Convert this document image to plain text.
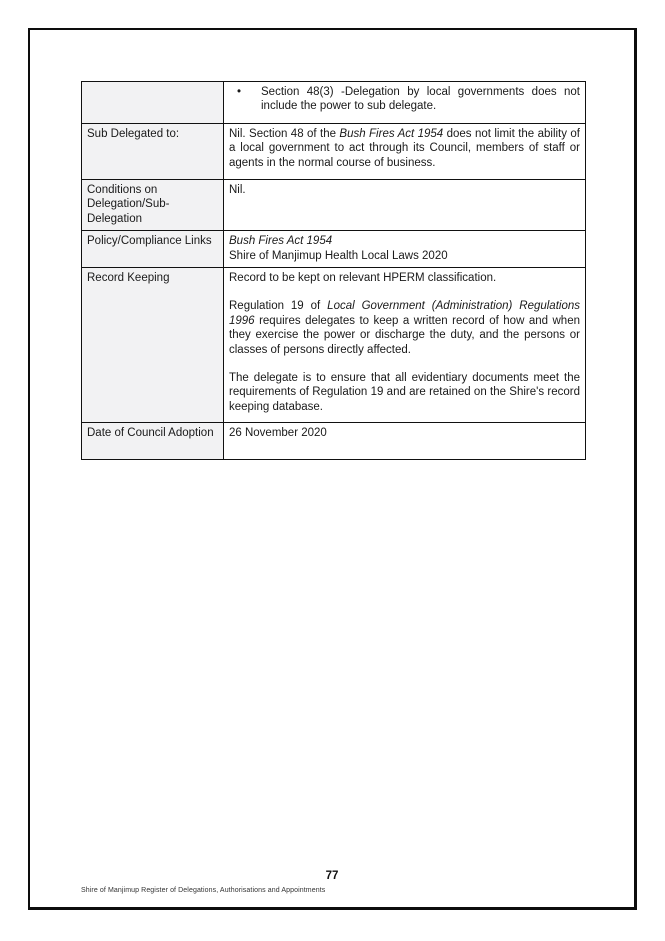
	• Section 48(3) -Delegation by local governments does not include the power to sub delegate.

Sub Delegated to:	Nil. Section 48 of the Bush Fires Act 1954 does not limit the ability of a local government to act through its Council, members of staff or agents in the normal course of business.

Conditions on Delegation/Sub-Delegation	Nil.

Policy/Compliance Links	Bush Fires Act 1954
Shire of Manjimup Health Local Laws 2020

Record Keeping	Record to be kept on relevant HPERM classification.
Regulation 19 of Local Government (Administration) Regulations 1996 requires delegates to keep a written record of how and when they exercise the power or discharge the duty, and the persons or classes of persons directly affected.
The delegate is to ensure that all evidentiary documents meet the requirements of Regulation 19 and are retained on the Shire's record keeping database.

Date of Council Adoption	26 November 2020
77
Shire of Manjimup Register of Delegations, Authorisations and Appointments
